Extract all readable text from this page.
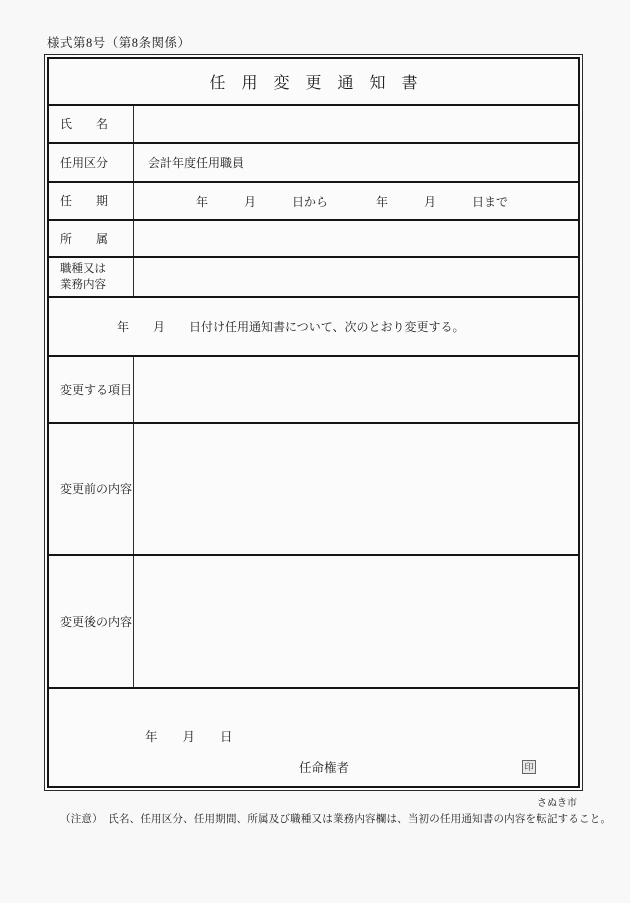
様式第8号（第8条関係）
任　用　変　更　通　知　書
氏　　名
任用区分	会計年度任用職員
任　　期	年　　　月　　　日から　　　　年　　　月　　　日まで
所　　属
職種又は
業務内容
年　　月　　日付け任用通知書について、次のとおり変更する。
変更する項目
変更前の内容
変更後の内容
年　　月　　日
任命権者	印
さぬき市
（注意）　氏名、任用区分、任用期間、所属及び職種又は業務内容欄は、当初の任用通知書の内容を転記すること。
